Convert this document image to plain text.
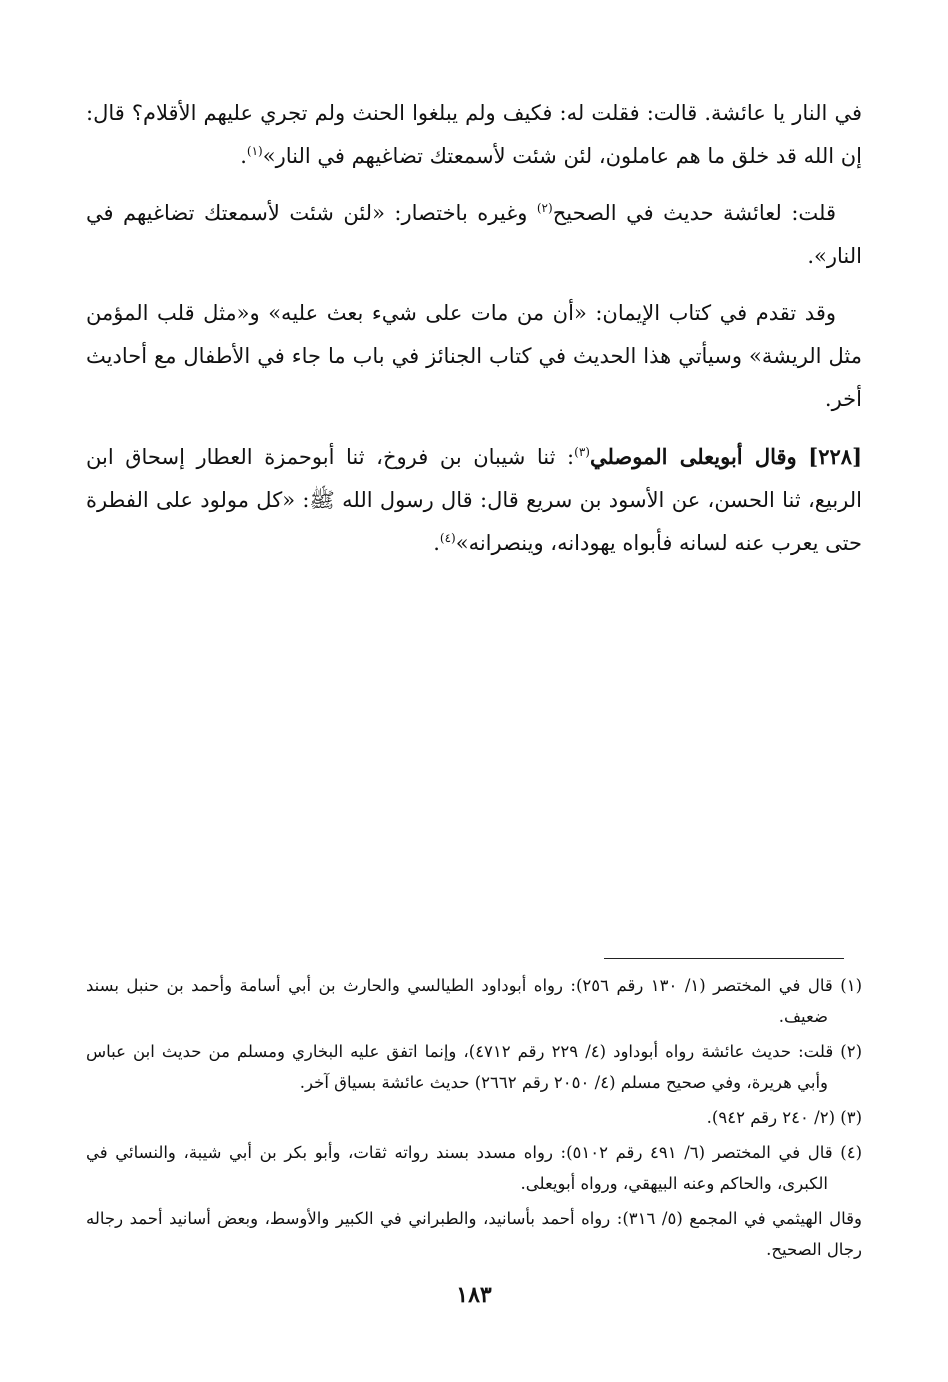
في النار يا عائشة. قالت: فقلت له: فكيف ولم يبلغوا الحنث ولم تجري عليهم الأقلام؟ قال: إن الله قد خلق ما هم عاملون، لئن شئت لأسمعتك تضاغيهم في النار»$^{(١)}$.

قلت: لعائشة حديث في الصحيح$^{(٢)}$ وغيره باختصار: «لئن شئت لأسمعتك تضاغيهم في النار».

وقد تقدم في كتاب الإيمان: «أن من مات على شيء بعث عليه» و«مثل قلب المؤمن مثل الريشة» وسيأتي هذا الحديث في كتاب الجنائز في باب ما جاء في الأطفال مع أحاديث أخر.

[٢٢٨] وقال أبويعلى الموصلي$^{(٣)}$: ثنا شيبان بن فروخ، ثنا أبوحمزة العطار إسحاق ابن الربيع، ثنا الحسن، عن الأسود بن سريع قال: قال رسول الله ﷺ: «كل مولود على الفطرة حتى يعرب عنه لسانه فأبواه يهودانه، وينصرانه»$^{(٤)}$.

(١) قال في المختصر (١/ ١٣٠ رقم ٢٥٦): رواه أبوداود الطيالسي والحارث بن أبي أسامة وأحمد بن حنبل بسند ضعيف.

(٢) قلت: حديث عائشة رواه أبوداود (٤/ ٢٢٩ رقم ٤٧١٢)، وإنما اتفق عليه البخاري ومسلم من حديث ابن عباس وأبي هريرة، وفي صحيح مسلم (٤/ ٢٠٥٠ رقم ٢٦٦٢) حديث عائشة بسياق آخر.

(٣) (٢/ ٢٤٠ رقم ٩٤٢).

(٤) قال في المختصر (٦/ ٤٩١ رقم ٥١٠٢): رواه مسدد بسند رواته ثقات، وأبو بكر بن أبي شيبة، والنسائي في الكبرى، والحاكم وعنه البيهقي، ورواه أبويعلى.

وقال الهيثمي في المجمع (٥/ ٣١٦): رواه أحمد بأسانيد، والطبراني في الكبير والأوسط، وبعض أسانيد أحمد رجاله رجال الصحيح.

١٨٣
